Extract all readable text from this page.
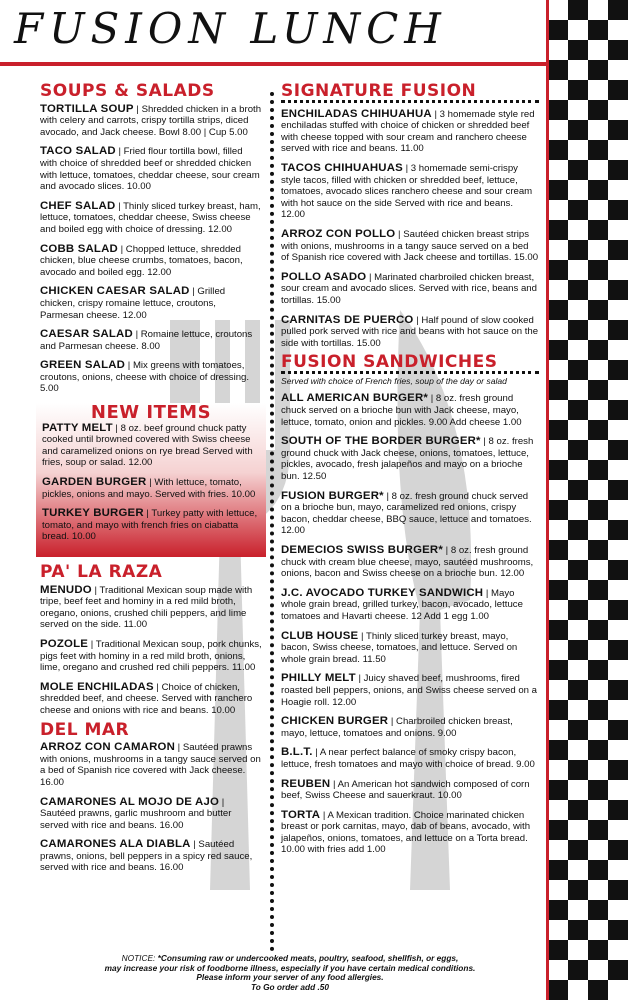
FUSION LUNCH
SOUPS & SALADS
TORTILLA SOUP | Shredded chicken in a broth with celery and carrots, crispy tortilla strips, diced avocado, and Jack cheese. Bowl 8.00 | Cup 5.00
TACO SALAD | Fried flour tortilla bowl, filled with choice of shredded beef or shredded chicken with lettuce, tomatoes, cheddar cheese, sour cream and avocado slices. 10.00
CHEF SALAD | Thinly sliced turkey breast, ham, lettuce, tomatoes, cheddar cheese, Swiss cheese and boiled egg with choice of dressing. 12.00
COBB SALAD | Chopped lettuce, shredded chicken, blue cheese crumbs, tomatoes, bacon, avocado and boiled egg. 12.00
CHICKEN CAESAR SALAD | Grilled chicken, crispy romaine lettuce, croutons, Parmesan cheese. 12.00
CAESAR SALAD | Romaine lettuce, croutons and Parmesan cheese. 8.00
GREEN SALAD | Mix greens with tomatoes, croutons, onions, cheese with choice of dressing. 5.00
NEW ITEMS
PATTY MELT | 8 oz. beef ground chuck patty cooked until browned covered with Swiss cheese and caramelized onions on rye bread Served with fries, soup or salad. 12.00
GARDEN BURGER | With lettuce, tomato, pickles, onions and mayo. Served with fries. 10.00
TURKEY BURGER | Turkey patty with lettuce, tomato, and mayo with french fries on ciabatta bread. 10.00
PA' LA RAZA
MENUDO | Traditional Mexican soup made with tripe, beef feet and hominy in a red mild broth, oregano, onions, crushed chili peppers, and lime served on the side. 11.00
POZOLE | Traditional Mexican soup, pork chunks, pigs feet with hominy in a red mild broth, onions, lime, oregano and crushed red chili peppers. 11.00
MOLE ENCHILADAS | Choice of chicken, shredded beef, and cheese. Served with ranchero cheese and onions with rice and beans. 10.00
DEL MAR
ARROZ CON CAMARON | Sautéed prawns with onions, mushrooms in a tangy sauce served on a bed of Spanish rice covered with Jack cheese. 16.00
CAMARONES AL MOJO DE AJO | Sautéed prawns, garlic mushroom and butter served with rice and beans. 16.00
CAMARONES ALA DIABLA | Sautéed prawns, onions, bell peppers in a spicy red sauce, served with rice and beans. 16.00
SIGNATURE FUSION
ENCHILADAS CHIHUAHUA | 3 homemade style red enchiladas stuffed with choice of chicken or shredded beef with cheese topped with sour cream and ranchero cheese served with rice and beans. 11.00
TACOS CHIHUAHUAS | 3 homemade semi-crispy style tacos, filled with chicken or shredded beef, lettuce, tomatoes, avocado slices ranchero cheese and sour cream with hot sauce on the side Served with rice and beans. 12.00
ARROZ CON POLLO | Sautéed chicken breast strips with onions, mushrooms in a tangy sauce served on a bed of Spanish rice covered with Jack cheese and tortillas. 15.00
POLLO ASADO | Marinated charbroiled chicken breast, sour cream and avocado slices. Served with rice, beans and tortillas. 15.00
CARNITAS DE PUERCO | Half pound of slow cooked pulled pork served with rice and beans with hot sauce on the side with tortillas. 15.00
FUSION SANDWICHES
Served with choice of French fries, soup of the day or salad
ALL AMERICAN BURGER* | 8 oz. fresh ground chuck served on a brioche bun with Jack cheese, mayo, lettuce, tomato, onion and pickles. 9.00 Add cheese 1.00
SOUTH OF THE BORDER BURGER* | 8 oz. fresh ground chuck with Jack cheese, onions, tomatoes, lettuce, pickles, avocado, fresh jalapeños and mayo on a brioche bun. 12.50
FUSION BURGER* | 8 oz. fresh ground chuck served on a brioche bun, mayo, caramelized red onions, crispy bacon, cheddar cheese, BBQ sauce, lettuce and tomatoes. 12.00
DEMECIOS SWISS BURGER* | 8 oz. fresh ground chuck with cream blue cheese, mayo, sautéed mushrooms, onions, bacon and Swiss cheese on a brioche bun. 12.00
J.C. AVOCADO TURKEY SANDWICH | Mayo whole grain bread, grilled turkey, bacon, avocado, lettuce tomatoes and Havarti cheese. 12 Add 1 egg 1.00
CLUB HOUSE | Thinly sliced turkey breast, mayo, bacon, Swiss cheese, tomatoes, and lettuce. Served on whole grain bread. 11.50
PHILLY MELT | Juicy shaved beef, mushrooms, fired roasted bell peppers, onions, and Swiss cheese served on a Hoagie roll. 12.00
CHICKEN BURGER | Charbroiled chicken breast, mayo, lettuce, tomatoes and onions. 9.00
B.L.T. | A near perfect balance of smoky crispy bacon, lettuce, fresh tomatoes and mayo with choice of bread. 9.00
REUBEN | An American hot sandwich composed of corn beef, Swiss Cheese and sauerkraut. 10.00
TORTA | A Mexican tradition. Choice marinated chicken breast or pork carnitas, mayo, dab of beans, avocado, with jalapeños, onions, tomatoes, and lettuce on a Torta bread. 10.00 with fries add 1.00
NOTICE: *Consuming raw or undercooked meats, poultry, seafood, shellfish, or eggs,
may increase your risk of foodborne illness, especially if you have certain medical conditions.
Please inform your server of any food allergies.
To Go order add .50
